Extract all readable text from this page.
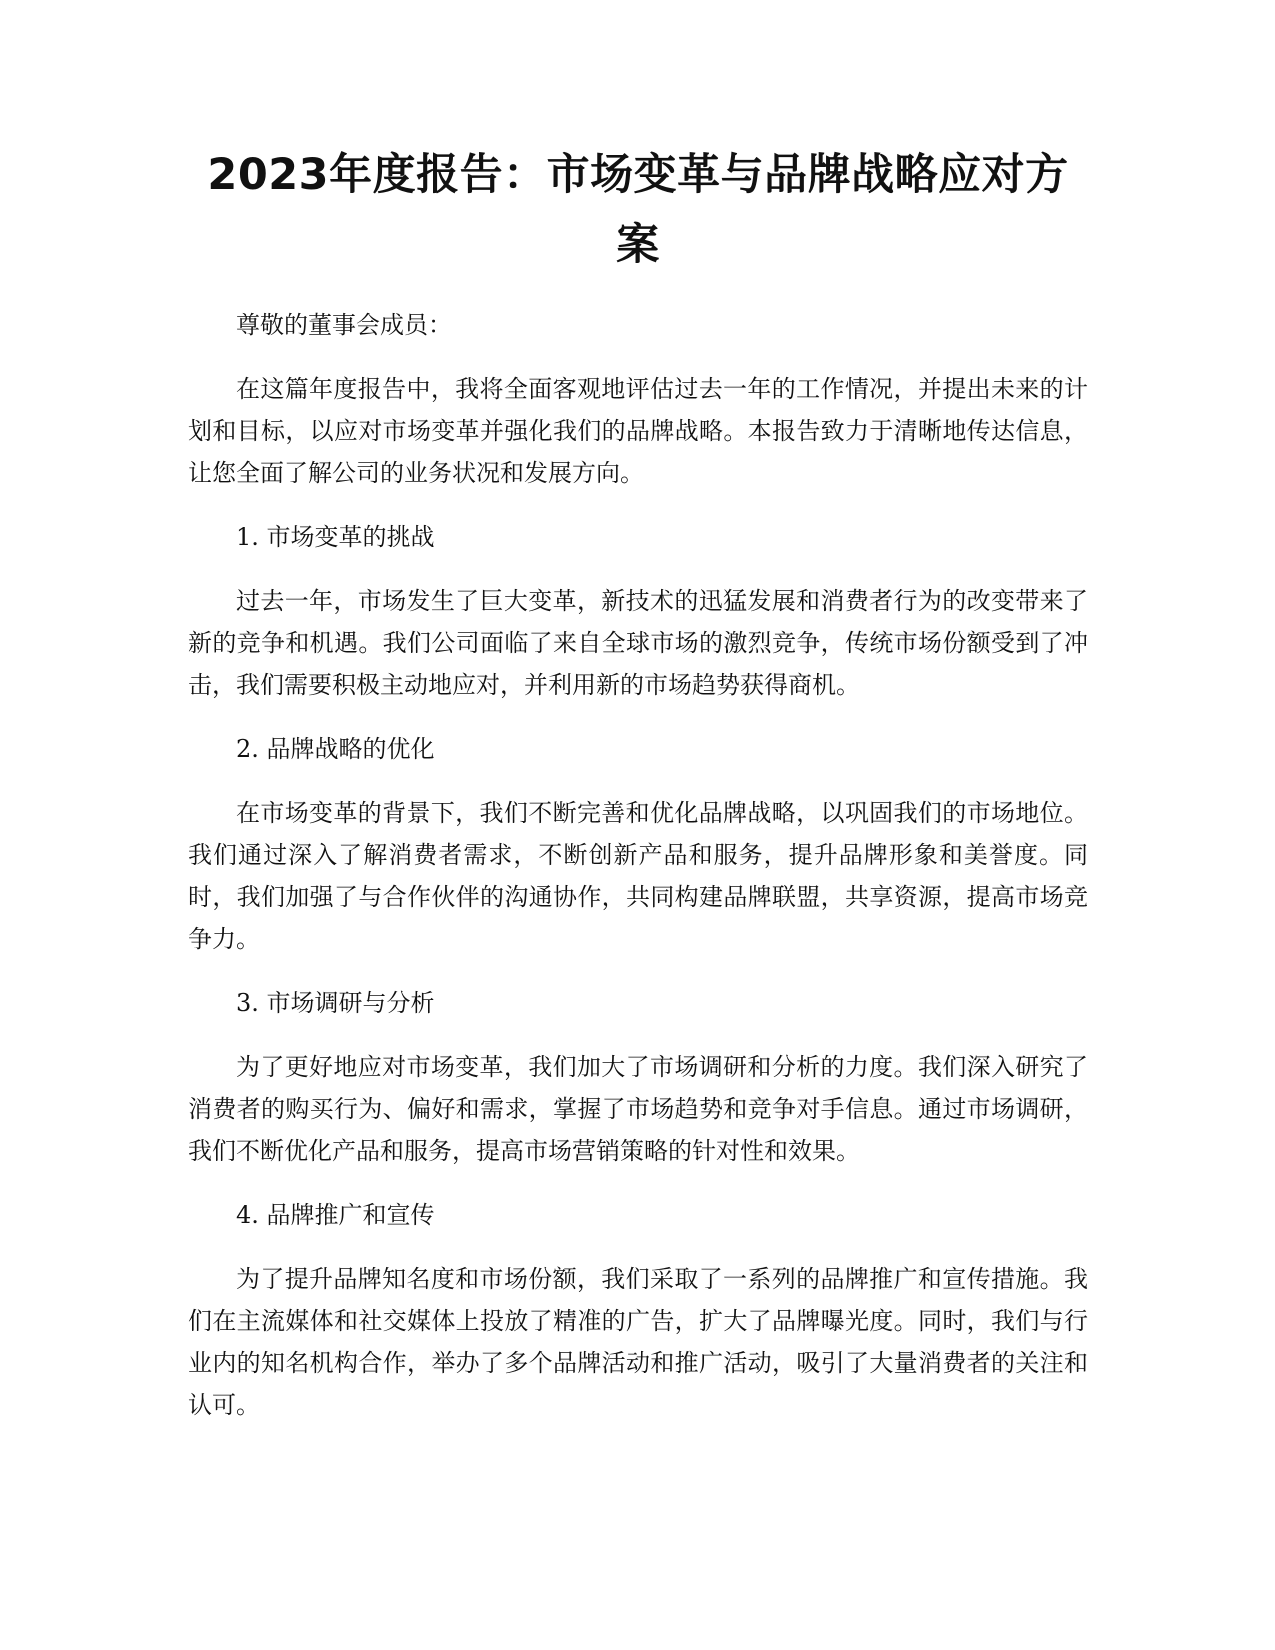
2023年度报告：市场变革与品牌战略应对方案

尊敬的董事会成员：

在这篇年度报告中，我将全面客观地评估过去一年的工作情况，并提出未来的计划和目标，以应对市场变革并强化我们的品牌战略。本报告致力于清晰地传达信息，让您全面了解公司的业务状况和发展方向。

1. 市场变革的挑战

过去一年，市场发生了巨大变革，新技术的迅猛发展和消费者行为的改变带来了新的竞争和机遇。我们公司面临了来自全球市场的激烈竞争，传统市场份额受到了冲击，我们需要积极主动地应对，并利用新的市场趋势获得商机。

2. 品牌战略的优化

在市场变革的背景下，我们不断完善和优化品牌战略，以巩固我们的市场地位。我们通过深入了解消费者需求，不断创新产品和服务，提升品牌形象和美誉度。同时，我们加强了与合作伙伴的沟通协作，共同构建品牌联盟，共享资源，提高市场竞争力。

3. 市场调研与分析

为了更好地应对市场变革，我们加大了市场调研和分析的力度。我们深入研究了消费者的购买行为、偏好和需求，掌握了市场趋势和竞争对手信息。通过市场调研，我们不断优化产品和服务，提高市场营销策略的针对性和效果。

4. 品牌推广和宣传

为了提升品牌知名度和市场份额，我们采取了一系列的品牌推广和宣传措施。我们在主流媒体和社交媒体上投放了精准的广告，扩大了品牌曝光度。同时，我们与行业内的知名机构合作，举办了多个品牌活动和推广活动，吸引了大量消费者的关注和认可。
